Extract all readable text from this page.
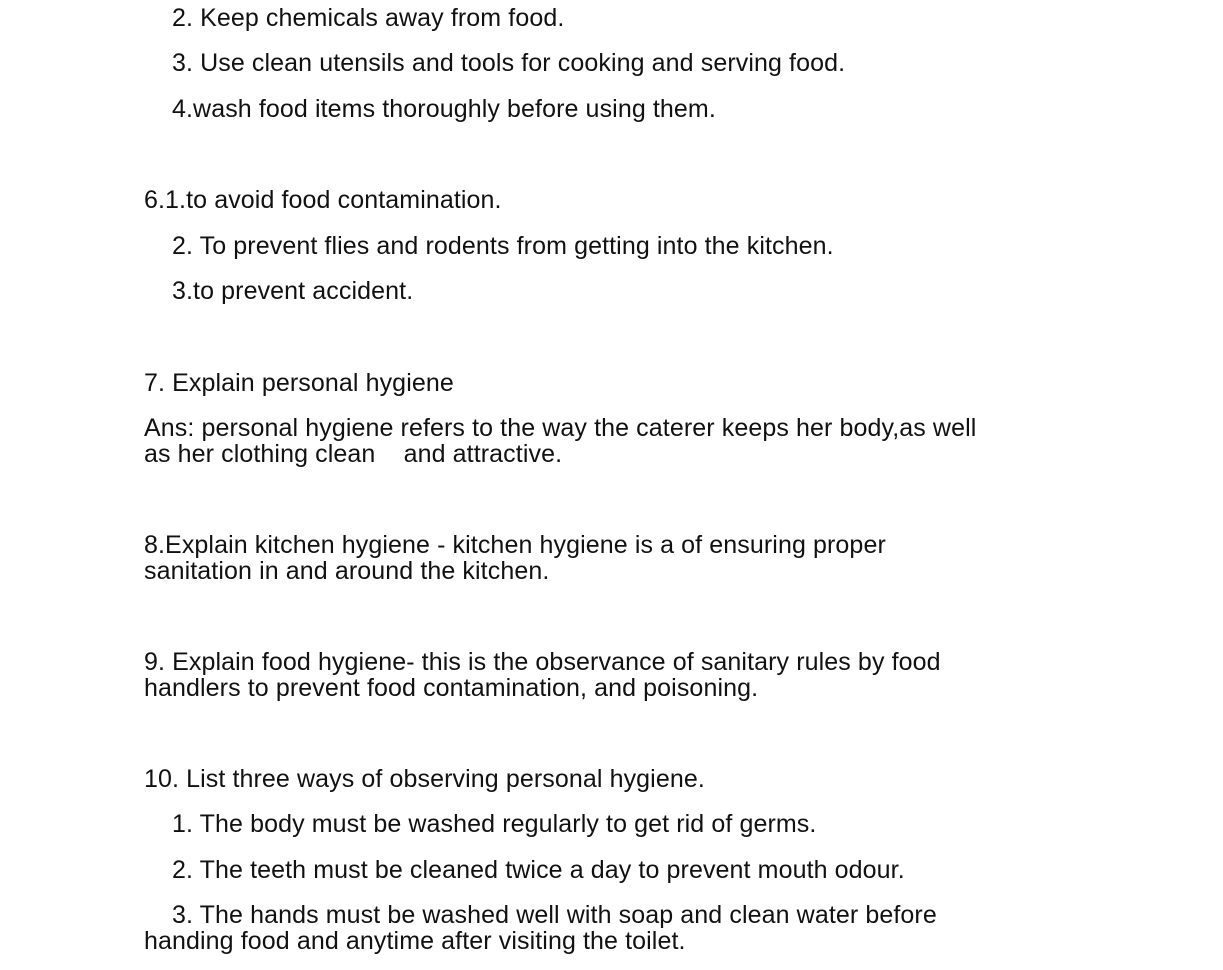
2. Keep chemicals away from food.
3. Use clean utensils and tools for cooking and serving food.
4.wash food items thoroughly before using them.
6.1.to avoid food contamination.
2. To prevent flies and rodents from getting into the kitchen.
3.to prevent accident.
7. Explain personal hygiene
Ans: personal hygiene refers to the way the caterer keeps her body,as well
as her clothing clean    and attractive.
8.Explain kitchen hygiene - kitchen hygiene is a of ensuring proper
sanitation in and around the kitchen.
9. Explain food hygiene- this is the observance of sanitary rules by food
handlers to prevent food contamination, and poisoning.
10. List three ways of observing personal hygiene.
1. The body must be washed regularly to get rid of germs.
2. The teeth must be cleaned twice a day to prevent mouth odour.
3. The hands must be washed well with soap and clean water before
handing food and anytime after visiting the toilet.
